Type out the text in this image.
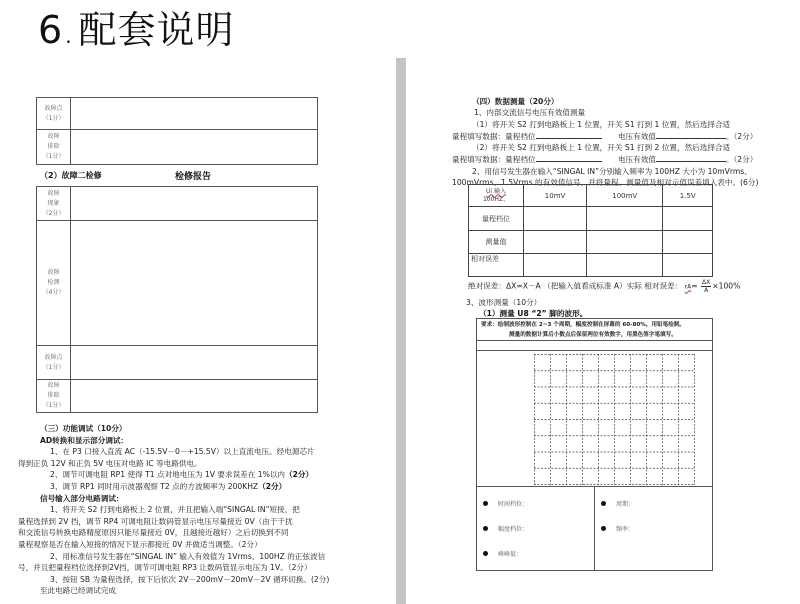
6 . 配套说明
故障点
（1分）
故障
排除
（1分）
（2）故障二检修	检修报告
故障
现象
（2分）
故障
检测
（4分）
故障点
（1分）
故障
排除
（1分）
（三）功能调试（10分）
AD转换和显示部分调试：
1、在 P3 口接入直流 AC（-15.5V－0－+15.5V）以上直流电压。经电源芯片
得到正负 12V 和正负 5V 电压对电路 IC 等电路供电。
2、调节可调电阻 RP1 使得 T1 点对地电压为 1V 要求误差在 1%以内（2分）
3、调节 RP1 同时用示波器观察 T2 点的方波频率为 200KHZ（2分）
信号输入部分电路调试：
1、将开关 S2 打到电路板上 2 位置，并且把输入端“SINGAL IN”短接，把
量程选择到 2V 挡，调节 RP4 可调电阻让数码管显示电压尽量接近 0V（由于干扰
和交流信号转换电路精度原因只能尽量接近 0V，且越接近越好）之后切换到不同
量程观察是否在输入短接的情况下显示都接近 0V 并做适当调整。（2分）
2、用标准信号发生器在“SINGAL IN” 输入有效值为 1Vrms、100HZ 的正弦波信
号，并且把量程档位选择到2V挡，调节可调电阻 RP3 让数码管显示电压为 1V。（2分）
3、按钮 SB 为量程选择，按下后依次 2V－200mV－20mV－2V 循环切换。(2分)
至此电路已经调试完成
（四）数据测量（20分）
1、内部交流信号电压有效值测量
（1）将开关 S2 打到电路板上 1 位置，开关 S1 打到 1 位置，然后选择合适
量程填写数据：量程档位	电压有效值	。（2分）
（2）将开关 S2 打到电路板上 1 位置，开关 S1 打到 2 位置，然后选择合适
量程填写数据：量程档位	电压有效值	。（2分）
2、用信号发生器在输入“SINGAL IN”分别输入频率为 100HZ 大小为 10mVrms、
100mVrms、1.5Vrms 的有效值信号，并将量程、测量值及相对示值误差填入表中。(6分)
Ui 输入
100HZ、	10mV	100mV	1.5V
量程档位			
测量值			
相对误差			
绝对误差：ΔX=X－A （把输入值看成标准 A）实际 相对误差： $rA= \frac{\Delta X}{A} \times 100\%$
3、波形测量（10分）
（1）测量 U8 “2” 脚的波形。
要求：绘制波形控制在 2~3 个周期，幅度控制在屏幕的 60-80%，用铅笔绘制。
测量的数据计算后小数点后保留两位有效数字，用黑色签字笔填写。
时间档位：
幅度档位：
峰峰值：
周期：
频率：
